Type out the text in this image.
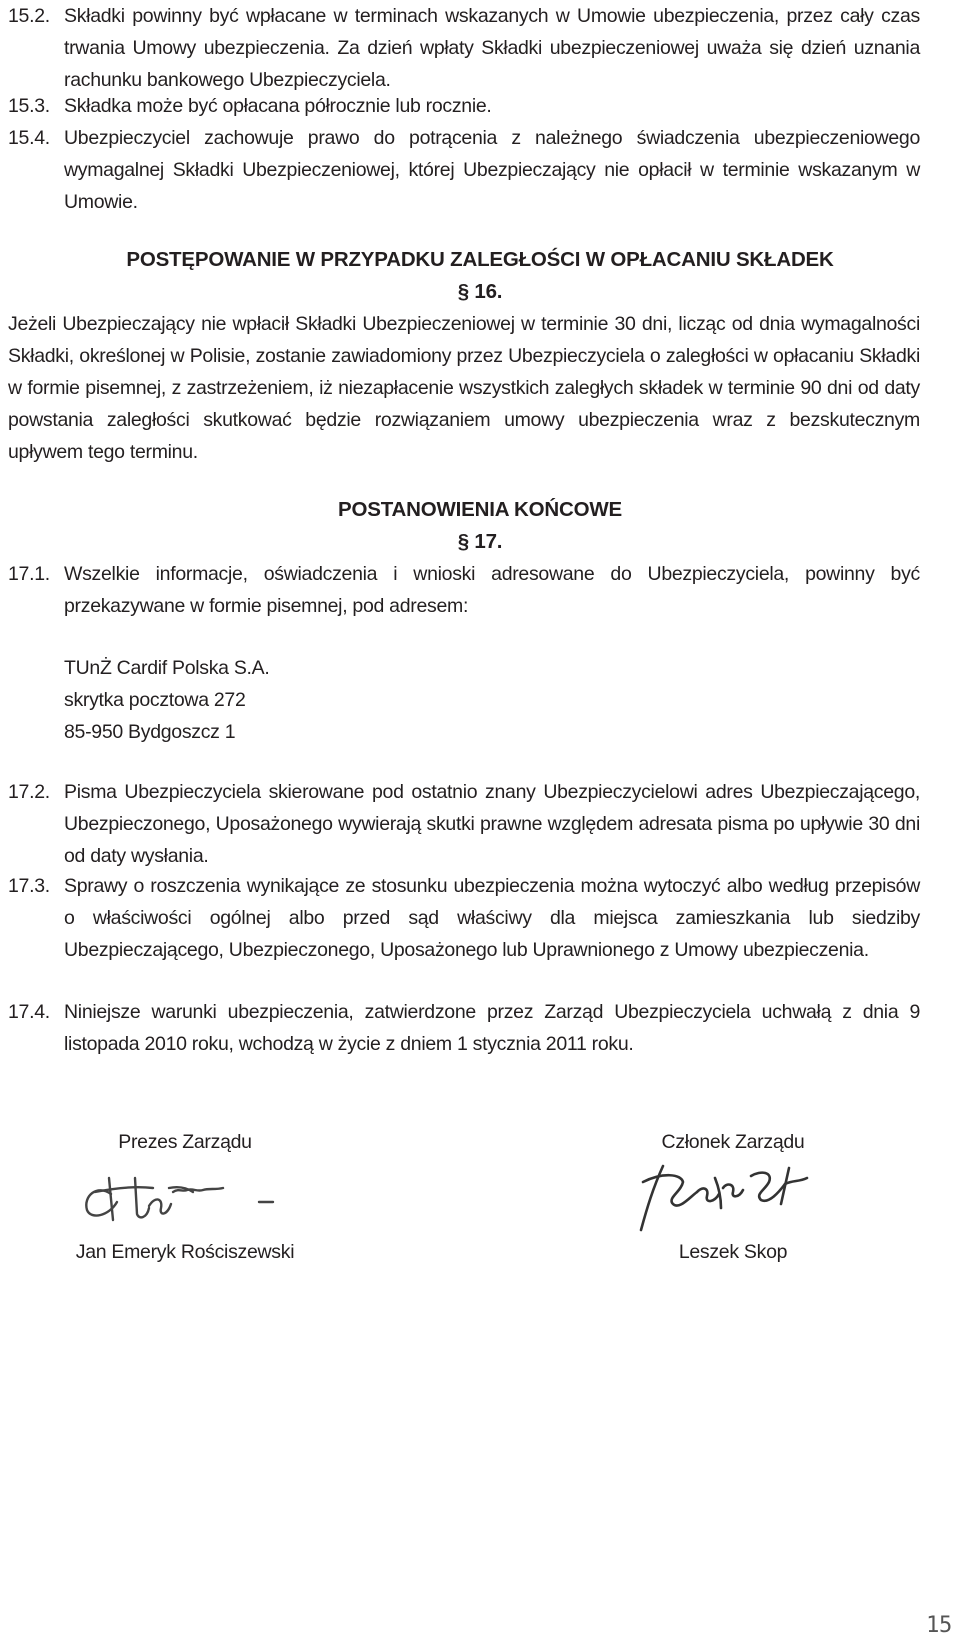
15.2. Składki powinny być wpłacane w terminach wskazanych w Umowie ubezpieczenia, przez cały czas trwania Umowy ubezpieczenia. Za dzień wpłaty Składki ubezpieczeniowej uważa się dzień uznania rachunku bankowego Ubezpieczyciela.
15.3. Składka może być opłacana półrocznie lub rocznie.
15.4. Ubezpieczyciel zachowuje prawo do potrącenia z należnego świadczenia ubezpieczeniowego wymagalnej Składki Ubezpieczeniowej, której Ubezpieczający nie opłacił w terminie wskazanym w Umowie.
POSTĘPOWANIE W PRZYPADKU ZALEGŁOŚCI W OPŁACANIU SKŁADEK
§ 16.
Jeżeli Ubezpieczający nie wpłacił Składki Ubezpieczeniowej w terminie 30 dni, licząc od dnia wymagalności Składki, określonej w Polisie, zostanie zawiadomiony przez Ubezpieczyciela o zaległości w opłacaniu Składki w formie pisemnej, z zastrzeżeniem, iż niezapłacenie wszystkich zaległych składek w terminie 90 dni od daty powstania zaległości skutkować będzie rozwiązaniem umowy ubezpieczenia wraz z bezskutecznym upływem tego terminu.
POSTANOWIENIA KOŃCOWE
§ 17.
17.1. Wszelkie informacje, oświadczenia i wnioski adresowane do Ubezpieczyciela, powinny być przekazywane w formie pisemnej, pod adresem:
TUnŻ Cardif Polska S.A.
skrytka pocztowa 272
85-950 Bydgoszcz 1
17.2. Pisma Ubezpieczyciela skierowane pod ostatnio znany Ubezpieczycielowi adres Ubezpieczającego, Ubezpieczonego, Uposażonego wywierają skutki prawne względem adresata pisma po upływie 30 dni od daty wysłania.
17.3. Sprawy o roszczenia wynikające ze stosunku ubezpieczenia można wytoczyć albo według przepisów o właściwości ogólnej albo przed sąd właściwy dla miejsca zamieszkania lub siedziby Ubezpieczającego, Ubezpieczonego, Uposażonego lub Uprawnionego z Umowy ubezpieczenia.
17.4. Niniejsze warunki ubezpieczenia, zatwierdzone przez Zarząd Ubezpieczyciela uchwałą z dnia 9 listopada 2010 roku, wchodzą w życie z dniem 1 stycznia 2011 roku.
Prezes Zarządu
Jan Emeryk Rościszewski
Członek Zarządu
Leszek Skop
15
